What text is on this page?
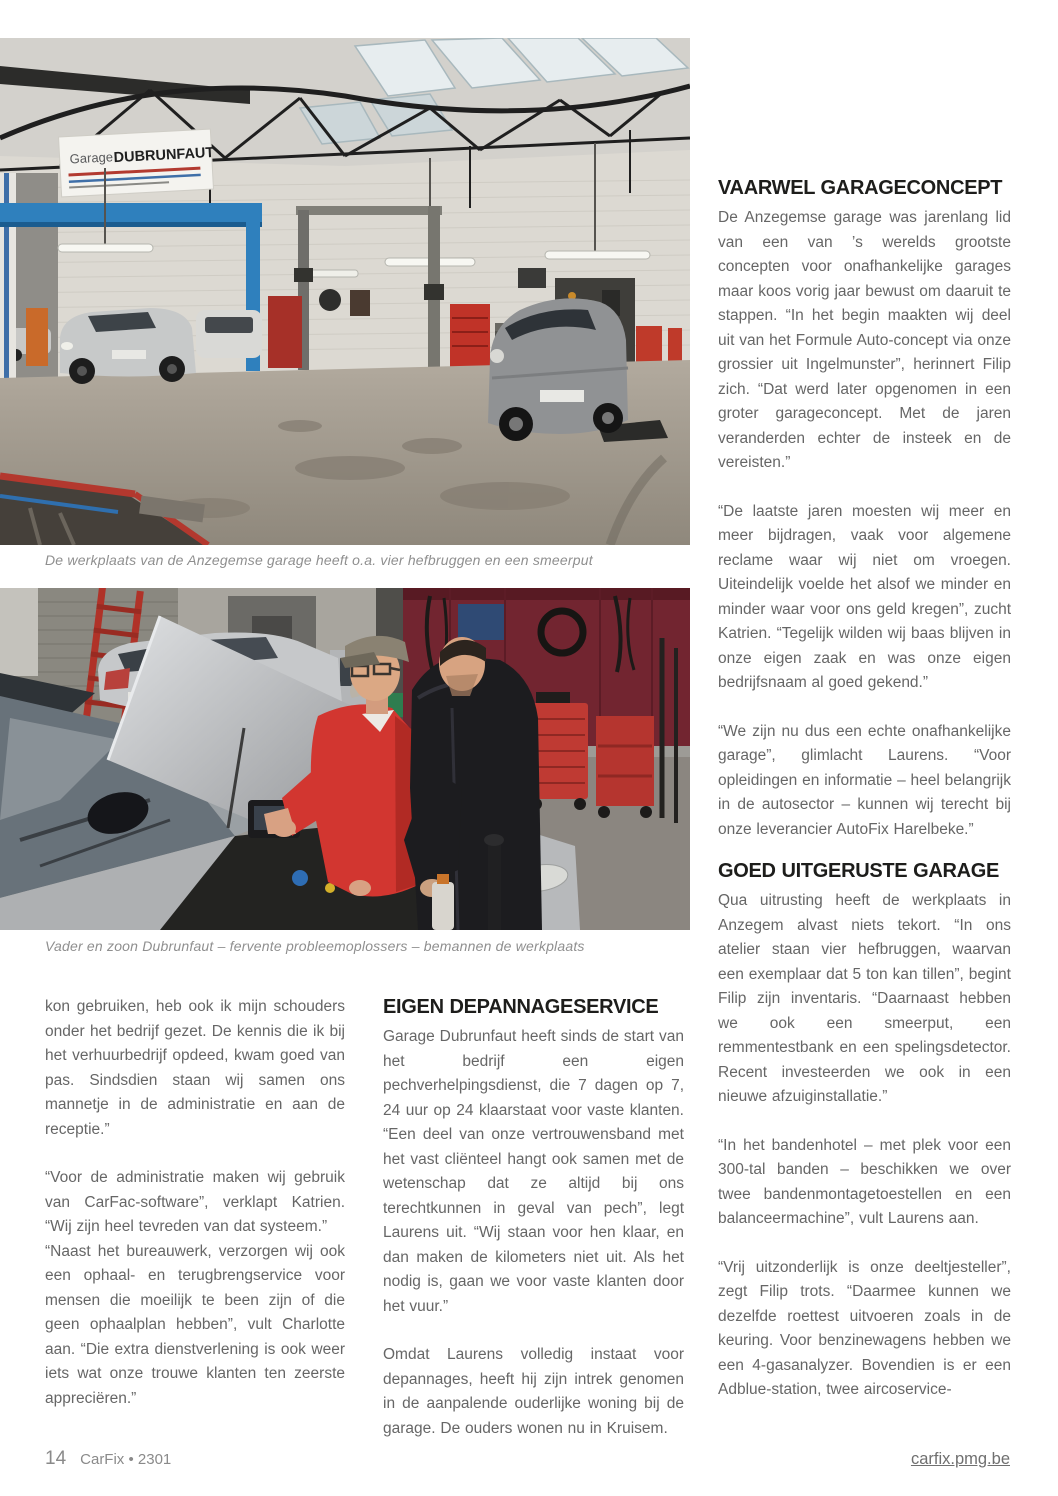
GarageDUBRUNFAUT
De werkplaats van de Anzegemse garage heeft o.a. vier hefbruggen en een smeerput
Vader en zoon Dubrunfaut – fervente probleemoplossers – bemannen de werkplaats

kon gebruiken, heb ook ik mijn schouders onder het bedrijf gezet. De kennis die ik bij het verhuurbedrijf opdeed, kwam goed van pas. Sindsdien staan wij samen ons mannetje in de administratie en aan de receptie.”

“Voor de administratie maken wij gebruik van CarFac-software”, verklapt Katrien. “Wij zijn heel tevreden van dat systeem.”

“Naast het bureauwerk, verzorgen wij ook een ophaal- en terugbrengservice voor mensen die moeilijk te been zijn of die geen ophaalplan hebben”, vult Charlotte aan. “Die extra dienstverlening is ook weer iets wat onze trouwe klanten ten zeerste appreciëren.”

EIGEN DEPANNAGESERVICE

Garage Dubrunfaut heeft sinds de start van het bedrijf een eigen pechverhelpingsdienst, die 7 dagen op 7, 24 uur op 24 klaarstaat voor vaste klanten. “Een deel van onze vertrouwensband met het vast cliënteel hangt ook samen met de wetenschap dat ze altijd bij ons terechtkunnen in geval van pech”, legt Laurens uit. “Wij staan voor hen klaar, en dan maken de kilometers niet uit. Als het nodig is, gaan we voor vaste klanten door het vuur.”

Omdat Laurens volledig instaat voor depannages, heeft hij zijn intrek genomen in de aanpalende ouderlijke woning bij de garage. De ouders wonen nu in Kruisem.

VAARWEL GARAGECONCEPT

De Anzegemse garage was jarenlang lid van een van ’s werelds grootste concepten voor onafhankelijke garages maar koos vorig jaar bewust om daaruit te stappen. “In het begin maakten wij deel uit van het Formule Auto-concept via onze grossier uit Ingelmunster”, herinnert Filip zich. “Dat werd later opgenomen in een groter garageconcept. Met de jaren veranderden echter de insteek en de vereisten.”

“De laatste jaren moesten wij meer en meer bijdragen, vaak voor algemene reclame waar wij niet om vroegen. Uiteindelijk voelde het alsof we minder en minder waar voor ons geld kregen”, zucht Katrien. “Tegelijk wilden wij baas blijven in onze eigen zaak en was onze eigen bedrijfsnaam al goed gekend.”

“We zijn nu dus een echte onafhankelijke garage”, glimlacht Laurens. “Voor opleidingen en informatie – heel belangrijk in de autosector – kunnen wij terecht bij onze leverancier AutoFix Harelbeke.”

GOED UITGERUSTE GARAGE

Qua uitrusting heeft de werkplaats in Anzegem alvast niets tekort. “In ons atelier staan vier hefbruggen, waarvan een exemplaar dat 5 ton kan tillen”, begint Filip zijn inventaris. “Daarnaast hebben we ook een smeerput, een remmentestbank en een spelingsdetector. Recent investeerden we ook in een nieuwe afzuiginstallatie.”

“In het bandenhotel – met plek voor een 300-tal banden – beschikken we over twee bandenmontagetoestellen en een balanceermachine”, vult Laurens aan.

“Vrij uitzonderlijk is onze deeltjesteller”, zegt Filip trots. “Daarmee kunnen we dezelfde roettest uitvoeren zoals in de keuring. Voor benzinewagens hebben we een 4-gasanalyzer. Bovendien is er een Adblue-station, twee aircoservice-

14 CarFix • 2301	carfix.pmg.be
